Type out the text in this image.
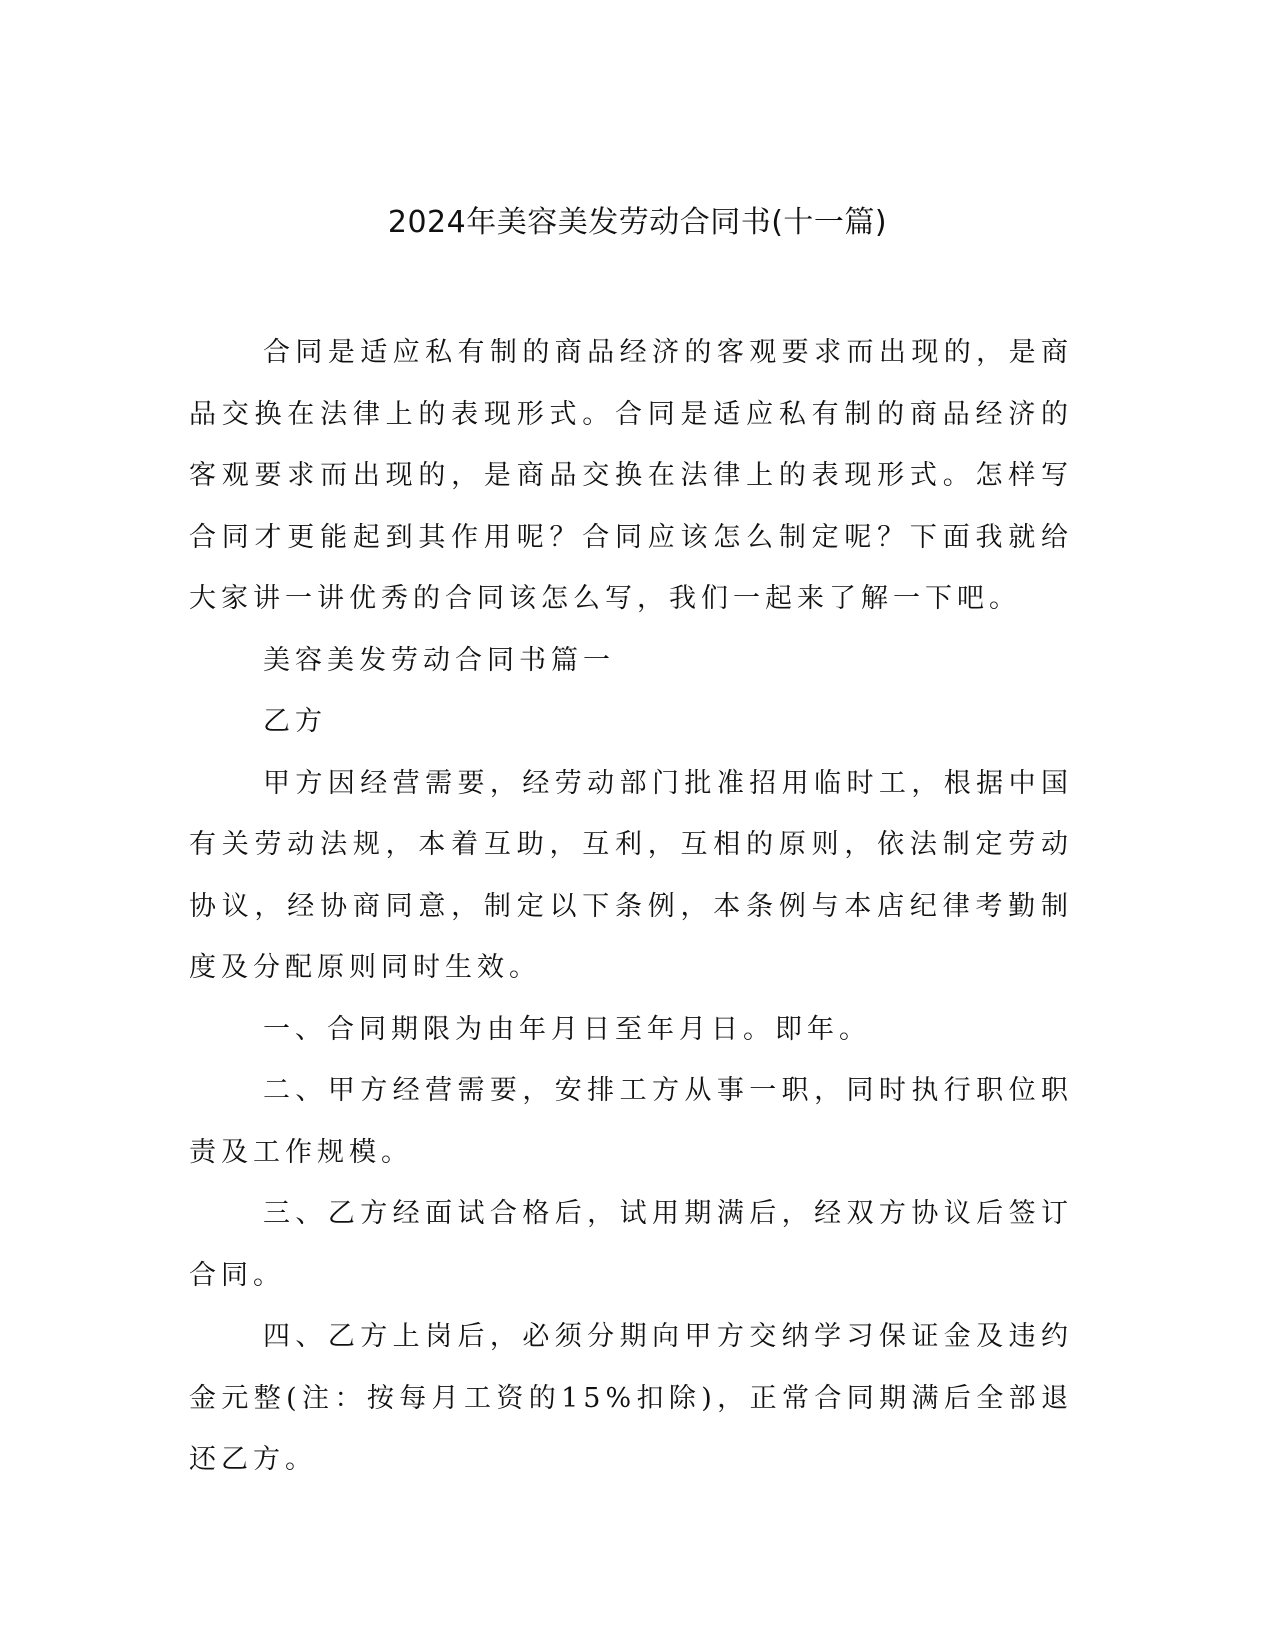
2024年美容美发劳动合同书(十一篇)

合同是适应私有制的商品经济的客观要求而出现的，是商品交换在法律上的表现形式。合同是适应私有制的商品经济的客观要求而出现的，是商品交换在法律上的表现形式。怎样写合同才更能起到其作用呢？合同应该怎么制定呢？下面我就给大家讲一讲优秀的合同该怎么写，我们一起来了解一下吧。

美容美发劳动合同书篇一

乙方

甲方因经营需要，经劳动部门批准招用临时工，根据中国有关劳动法规，本着互助，互利，互相的原则，依法制定劳动协议，经协商同意，制定以下条例，本条例与本店纪律考勤制度及分配原则同时生效。

一、合同期限为由年月日至年月日。即年。

二、甲方经营需要，安排工方从事一职，同时执行职位职责及工作规模。

三、乙方经面试合格后，试用期满后，经双方协议后签订合同。

四、乙方上岗后，必须分期向甲方交纳学习保证金及违约金元整(注：按每月工资的15%扣除)，正常合同期满后全部退还乙方。
